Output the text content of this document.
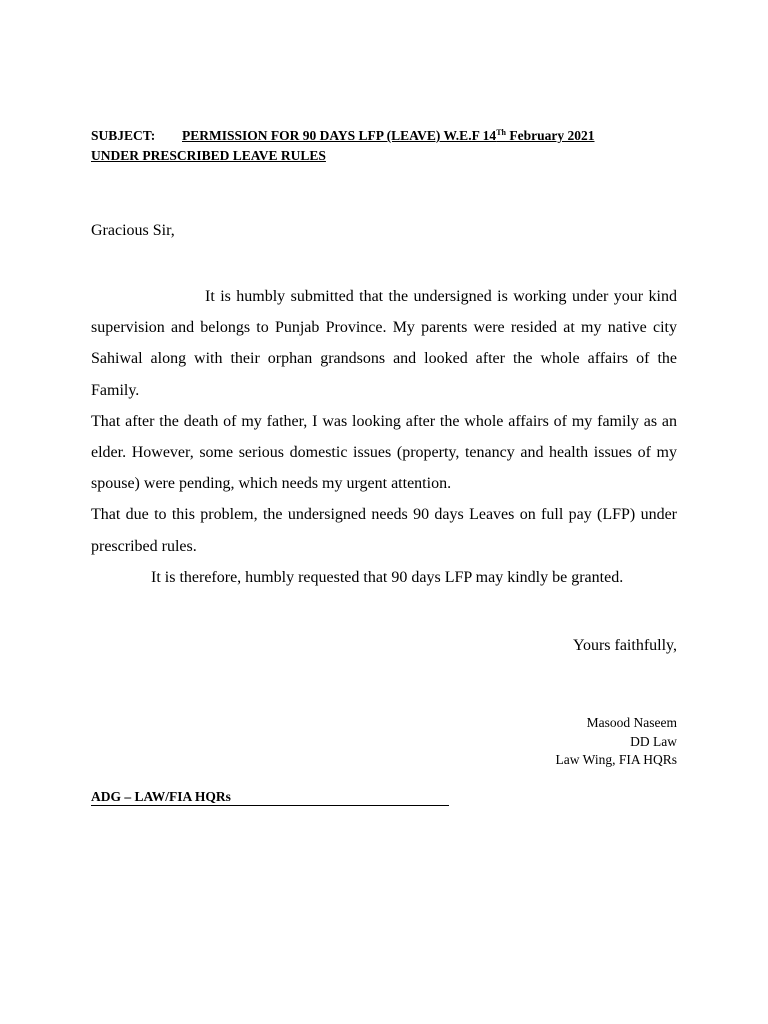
SUBJECT: PERMISSION FOR 90 DAYS LFP (LEAVE) W.E.F 14Th February 2021
UNDER PRESCRIBED LEAVE RULES
Gracious Sir,

It is humbly submitted that the undersigned is working under your kind supervision and belongs to Punjab Province. My parents were resided at my native city Sahiwal along with their orphan grandsons and looked after the whole affairs of the Family.

That after the death of my father, I was looking after the whole affairs of my family as an elder. However, some serious domestic issues (property, tenancy and health issues of my spouse) were pending, which needs my urgent attention.

That due to this problem, the undersigned needs 90 days Leaves on full pay (LFP) under prescribed rules.

It is therefore, humbly requested that 90 days LFP may kindly be granted.

Yours faithfully,
Masood Naseem
DD Law
Law Wing, FIA HQRs
ADG – LAW/FIA HQRs
